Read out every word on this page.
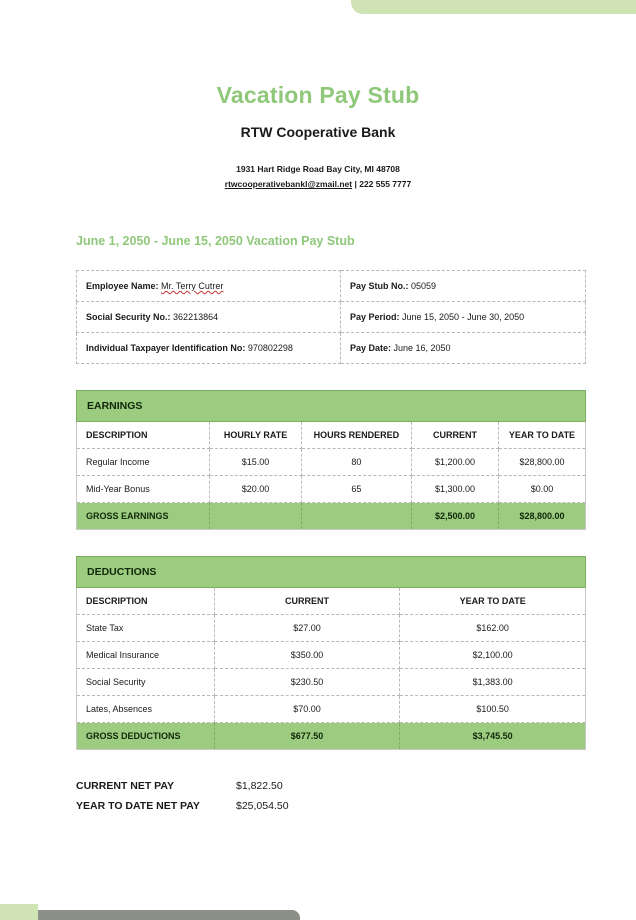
Vacation Pay Stub
RTW Cooperative Bank
1931 Hart Ridge Road Bay City, MI 48708
rtwcooperativebankl@zmail.net | 222 555 7777
June 1, 2050 - June 15, 2050 Vacation Pay Stub
Employee Name: Mr. Terry Cutrer	Pay Stub No.: 05059
Social Security No.: 362213864	Pay Period: June 15, 2050 - June 30, 2050
Individual Taxpayer Identification No: 970802298	Pay Date: June 16, 2050
EARNINGS
DESCRIPTION	HOURLY RATE	HOURS RENDERED	CURRENT	YEAR TO DATE
Regular Income	$15.00	80	$1,200.00	$28,800.00
Mid-Year Bonus	$20.00	65	$1,300.00	$0.00
GROSS EARNINGS			$2,500.00	$28,800.00
DEDUCTIONS
DESCRIPTION	CURRENT	YEAR TO DATE
State Tax	$27.00	$162.00
Medical Insurance	$350.00	$2,100.00
Social Security	$230.50	$1,383.00
Lates, Absences	$70.00	$100.50
GROSS DEDUCTIONS	$677.50	$3,745.50
CURRENT NET PAY	$1,822.50
YEAR TO DATE NET PAY	$25,054.50
